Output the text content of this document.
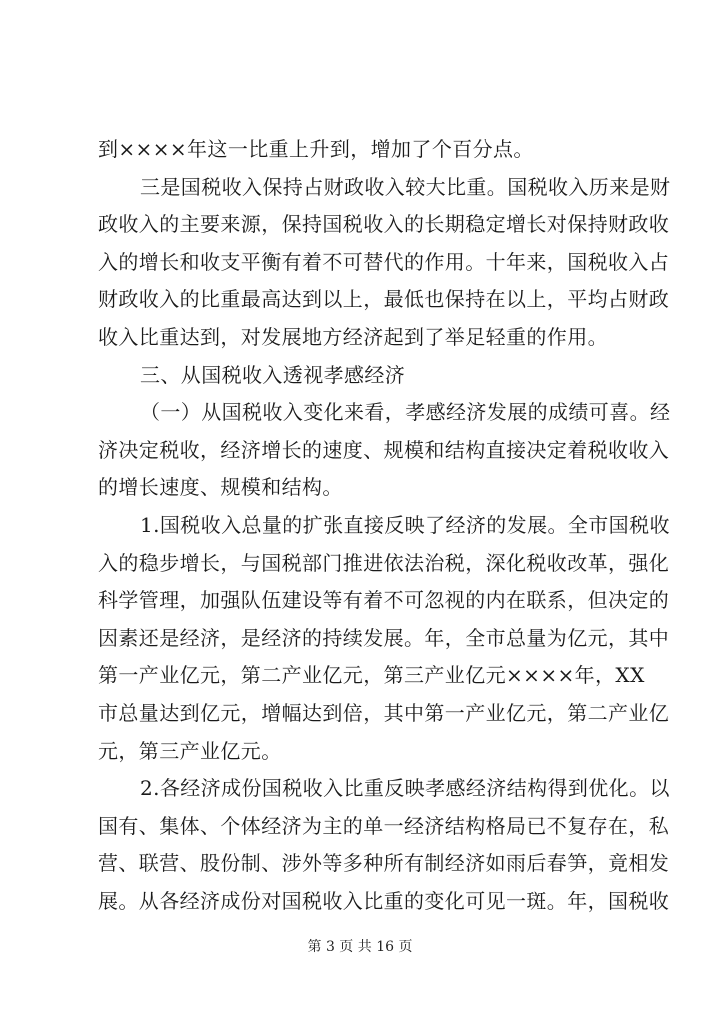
到××××年这一比重上升到，增加了个百分点。
三是国税收入保持占财政收入较大比重。国税收入历来是财
政收入的主要来源，保持国税收入的长期稳定增长对保持财政收
入的增长和收支平衡有着不可替代的作用。十年来，国税收入占
财政收入的比重最高达到以上，最低也保持在以上，平均占财政
收入比重达到，对发展地方经济起到了举足轻重的作用。
三、从国税收入透视孝感经济
（一）从国税收入变化来看，孝感经济发展的成绩可喜。经
济决定税收，经济增长的速度、规模和结构直接决定着税收收入
的增长速度、规模和结构。
1.国税收入总量的扩张直接反映了经济的发展。全市国税收
入的稳步增长，与国税部门推进依法治税，深化税收改革，强化
科学管理，加强队伍建设等有着不可忽视的内在联系，但决定的
因素还是经济，是经济的持续发展。年，全市总量为亿元，其中
第一产业亿元，第二产业亿元，第三产业亿元××××年，XX
市总量达到亿元，增幅达到倍，其中第一产业亿元，第二产业亿
元，第三产业亿元。
2.各经济成份国税收入比重反映孝感经济结构得到优化。以
国有、集体、个体经济为主的单一经济结构格局已不复存在，私
营、联营、股份制、涉外等多种所有制经济如雨后春笋，竟相发
展。从各经济成份对国税收入比重的变化可见一斑。年，国税收
第 3 页 共 16 页
